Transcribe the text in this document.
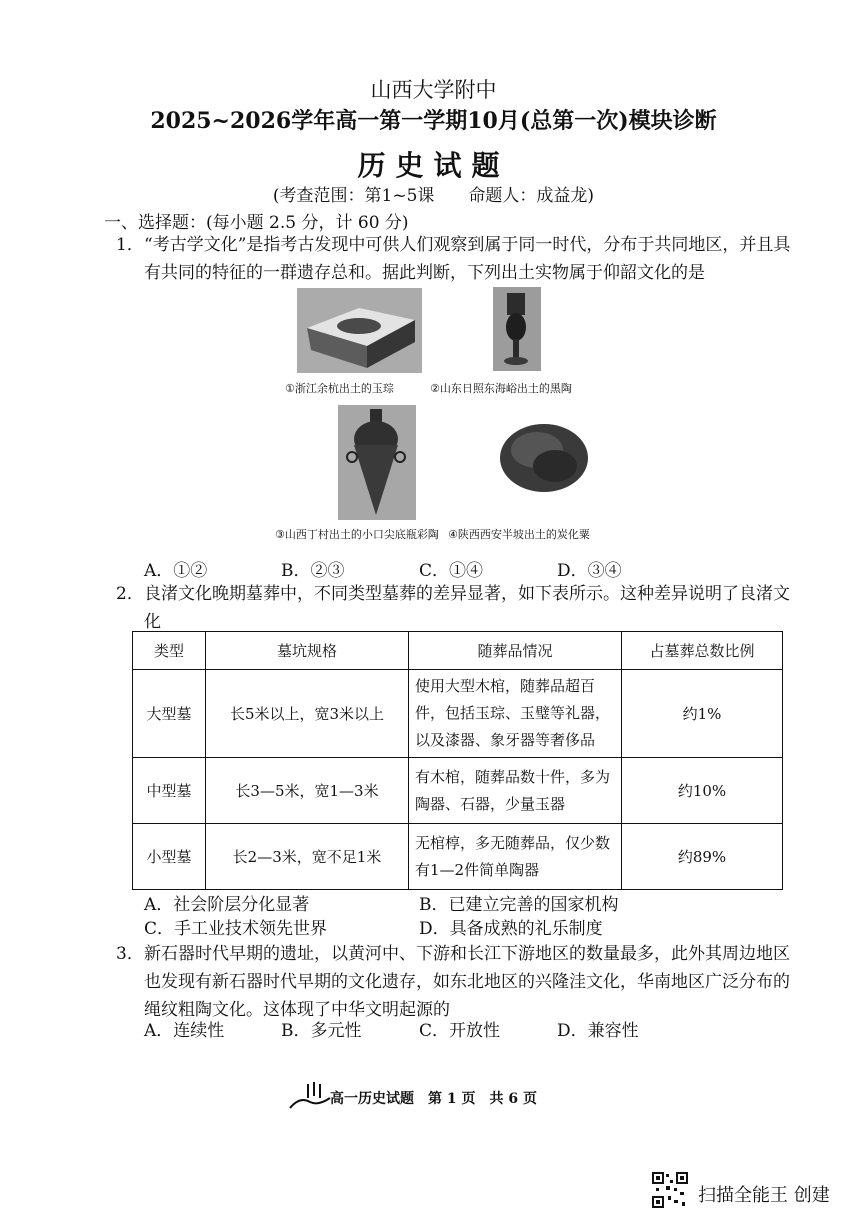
山西大学附中
2025~2026学年高一第一学期10月(总第一次)模块诊断
历史试题
(考查范围：第1~5课　　命题人：成益龙)
一、选择题：(每小题 2.5 分，计 60 分)
1． “考古学文化”是指考古发现中可供人们观察到属于同一时代，分布于共同地区，并且具有共同的特征的一群遗存总和。据此判断，下列出土实物属于仰韶文化的是
①浙江余杭出土的玉琮	②山东日照东海峪出土的黑陶
③山西丁村出土的小口尖底瓶彩陶 ④陕西西安半坡出土的炭化粟
A．①②	B．②③	C．①④	D．③④
2． 良渚文化晚期墓葬中，不同类型墓葬的差异显著，如下表所示。这种差异说明了良渚文化
类型	墓坑规格	随葬品情况	占墓葬总数比例
大型墓	长5米以上，宽3米以上	使用大型木棺，随葬品超百件，包括玉琮、玉璧等礼器，以及漆器、象牙器等奢侈品	约1%
中型墓	长3—5米，宽1—3米	有木棺，随葬品数十件，多为陶器、石器，少量玉器	约10%
小型墓	长2—3米，宽不足1米	无棺椁，多无随葬品，仅少数有1—2件简单陶器	约89%
A．社会阶层分化显著	B．已建立完善的国家机构
C．手工业技术领先世界	D．具备成熟的礼乐制度
3． 新石器时代早期的遗址，以黄河中、下游和长江下游地区的数量最多，此外其周边地区也发现有新石器时代早期的文化遗存，如东北地区的兴隆洼文化，华南地区广泛分布的绳纹粗陶文化。这体现了中华文明起源的
A．连续性	B．多元性	C．开放性	D．兼容性
高一历史试题　第 1 页　共 6 页
扫描全能王 创建
